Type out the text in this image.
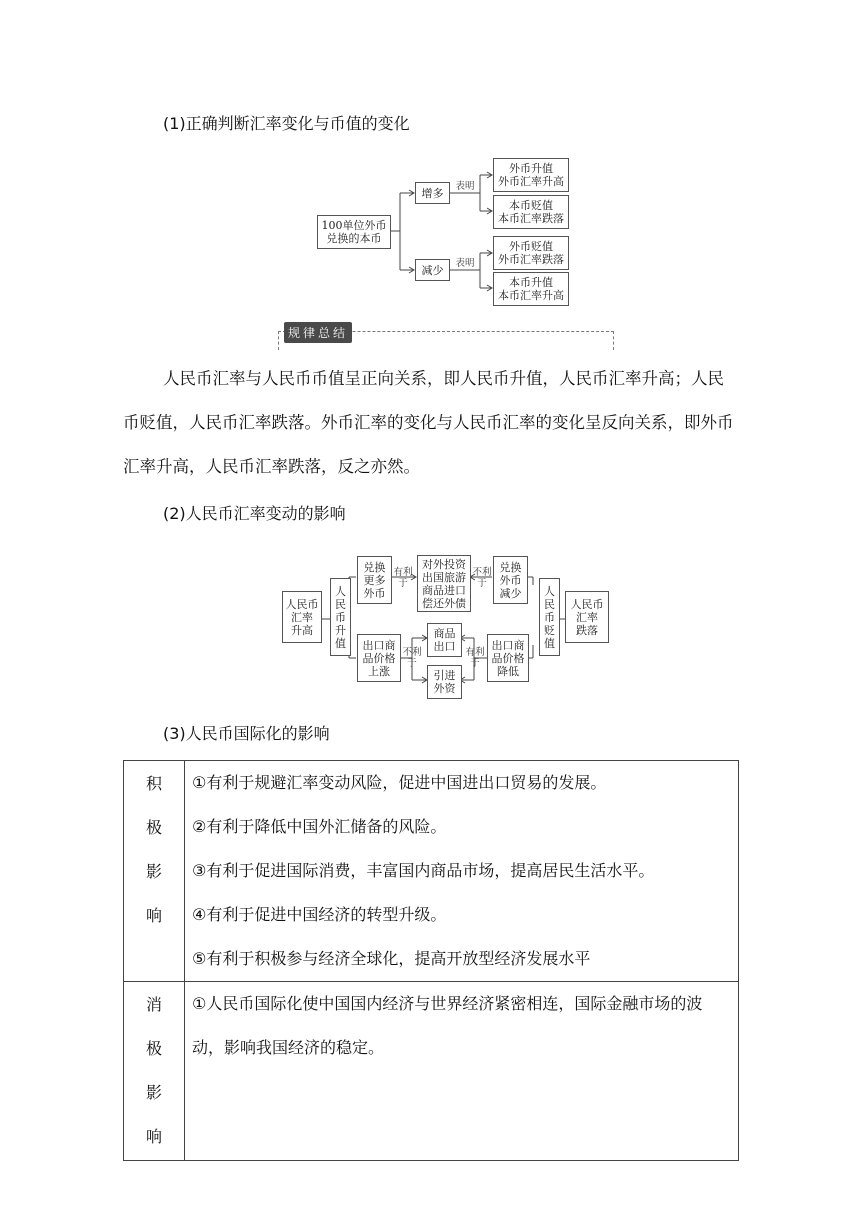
(1)正确判断汇率变化与币值的变化
100单位外币
兑换的本币
增多	表明
外币升值
外币汇率升高
本币贬值
本币汇率跌落
减少	表明
外币贬值
外币汇率跌落
本币升值
本币汇率升高
规律总结
人民币汇率与人民币币值呈正向关系，即人民币升值，人民币汇率升高；人民币贬值，人民币汇率跌落。外币汇率的变化与人民币汇率的变化呈反向关系，即外币汇率升高，人民币汇率跌落，反之亦然。
(2)人民币汇率变动的影响
人民币
汇率
升高
人
民
币
升
值
兑换
更多
外币
出口商
品价格
上涨
有利
于
对外投资
出国旅游
商品进口
偿还外债
不利
于
兑换
外币
减少
不利
于
商品
出口
引进
外资
有利
于
出口商
品价格
降低
人
民
币
贬
值
人民币
汇率
跌落
(3)人民币国际化的影响
积极影响	①有利于规避汇率变动风险，促进中国进出口贸易的发展。
②有利于降低中国外汇储备的风险。
③有利于促进国际消费，丰富国内商品市场，提高居民生活水平。
④有利于促进中国经济的转型升级。
⑤有利于积极参与经济全球化，提高开放型经济发展水平

消极影响	①人民币国际化使中国国内经济与世界经济紧密相连，国际金融市场的波动，影响我国经济的稳定。
